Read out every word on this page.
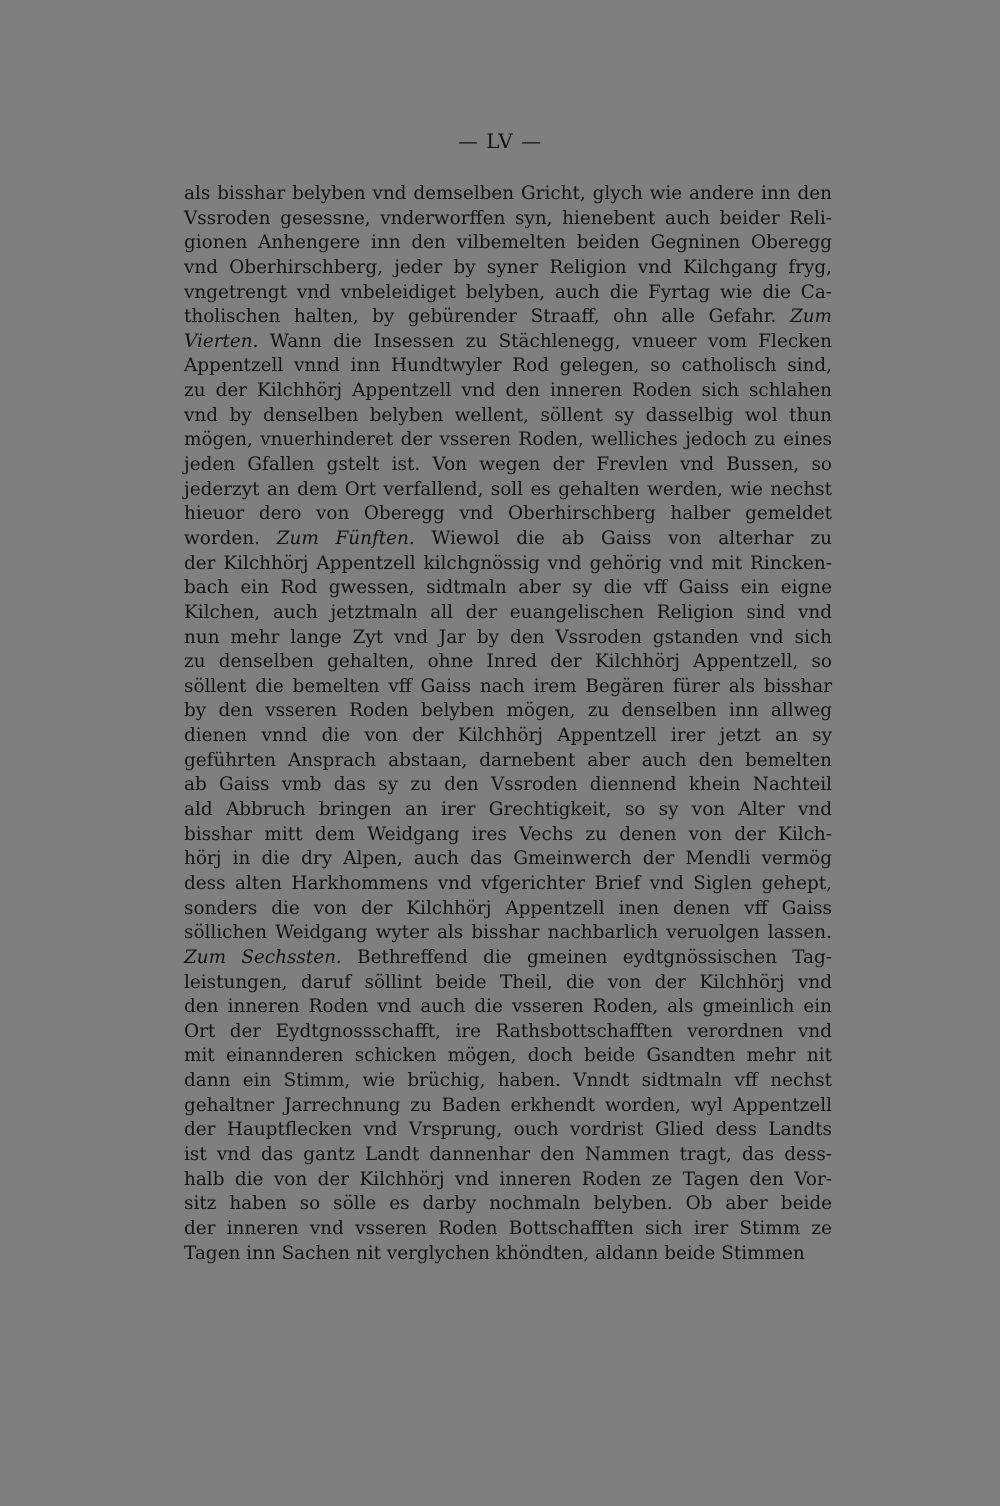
— LV —
als bisshar belyben vnd demselben Gricht, glych wie andere inn den
Vssroden gesessne, vnderworffen syn, hienebent auch beider Reli-
gionen Anhengere inn den vilbemelten beiden Gegninen Oberegg
vnd Oberhirschberg, jeder by syner Religion vnd Kilchgang fryg,
vngetrengt vnd vnbeleidiget belyben, auch die Fyrtag wie die Ca-
tholischen halten, by gebürender Straaff, ohn alle Gefahr. Zum
Vierten. Wann die Insessen zu Stächlenegg, vnueer vom Flecken
Appentzell vnnd inn Hundtwyler Rod gelegen, so catholisch sind,
zu der Kilchhörj Appentzell vnd den inneren Roden sich schlahen
vnd by denselben belyben wellent, söllent sy dasselbig wol thun
mögen, vnuerhinderet der vsseren Roden, welliches jedoch zu eines
jeden Gfallen gstelt ist. Von wegen der Frevlen vnd Bussen, so
jederzyt an dem Ort verfallend, soll es gehalten werden, wie nechst
hieuor dero von Oberegg vnd Oberhirschberg halber gemeldet
worden. Zum Fünften. Wiewol die ab Gaiss von alterhar zu
der Kilchhörj Appentzell kilchgnössig vnd gehörig vnd mit Rincken-
bach ein Rod gwessen, sidtmaln aber sy die vff Gaiss ein eigne
Kilchen, auch jetztmaln all der euangelischen Religion sind vnd
nun mehr lange Zyt vnd Jar by den Vssroden gstanden vnd sich
zu denselben gehalten, ohne Inred der Kilchhörj Appentzell, so
söllent die bemelten vff Gaiss nach irem Begären fürer als bisshar
by den vsseren Roden belyben mögen, zu denselben inn allweg
dienen vnnd die von der Kilchhörj Appentzell irer jetzt an sy
geführten Ansprach abstaan, darnebent aber auch den bemelten
ab Gaiss vmb das sy zu den Vssroden diennend khein Nachteil
ald Abbruch bringen an irer Grechtigkeit, so sy von Alter vnd
bisshar mitt dem Weidgang ires Vechs zu denen von der Kilch-
hörj in die dry Alpen, auch das Gmeinwerch der Mendli vermög
dess alten Harkhommens vnd vfgerichter Brief vnd Siglen gehept,
sonders die von der Kilchhörj Appentzell inen denen vff Gaiss
söllichen Weidgang wyter als bisshar nachbarlich veruolgen lassen.
Zum Sechssten. Bethreffend die gmeinen eydtgnössischen Tag-
leistungen, daruf söllint beide Theil, die von der Kilchhörj vnd
den inneren Roden vnd auch die vsseren Roden, als gmeinlich ein
Ort der Eydtgnossschafft, ire Rathsbottschafften verordnen vnd
mit einannderen schicken mögen, doch beide Gsandten mehr nit
dann ein Stimm, wie brüchig, haben. Vnndt sidtmaln vff nechst
gehaltner Jarrechnung zu Baden erkhendt worden, wyl Appentzell
der Hauptflecken vnd Vrsprung, ouch vordrist Glied dess Landts
ist vnd das gantz Landt dannenhar den Nammen tragt, das dess-
halb die von der Kilchhörj vnd inneren Roden ze Tagen den Vor-
sitz haben so sölle es darby nochmaln belyben. Ob aber beide
der inneren vnd vsseren Roden Bottschafften sich irer Stimm ze
Tagen inn Sachen nit verglychen khöndten, aldann beide Stimmen
